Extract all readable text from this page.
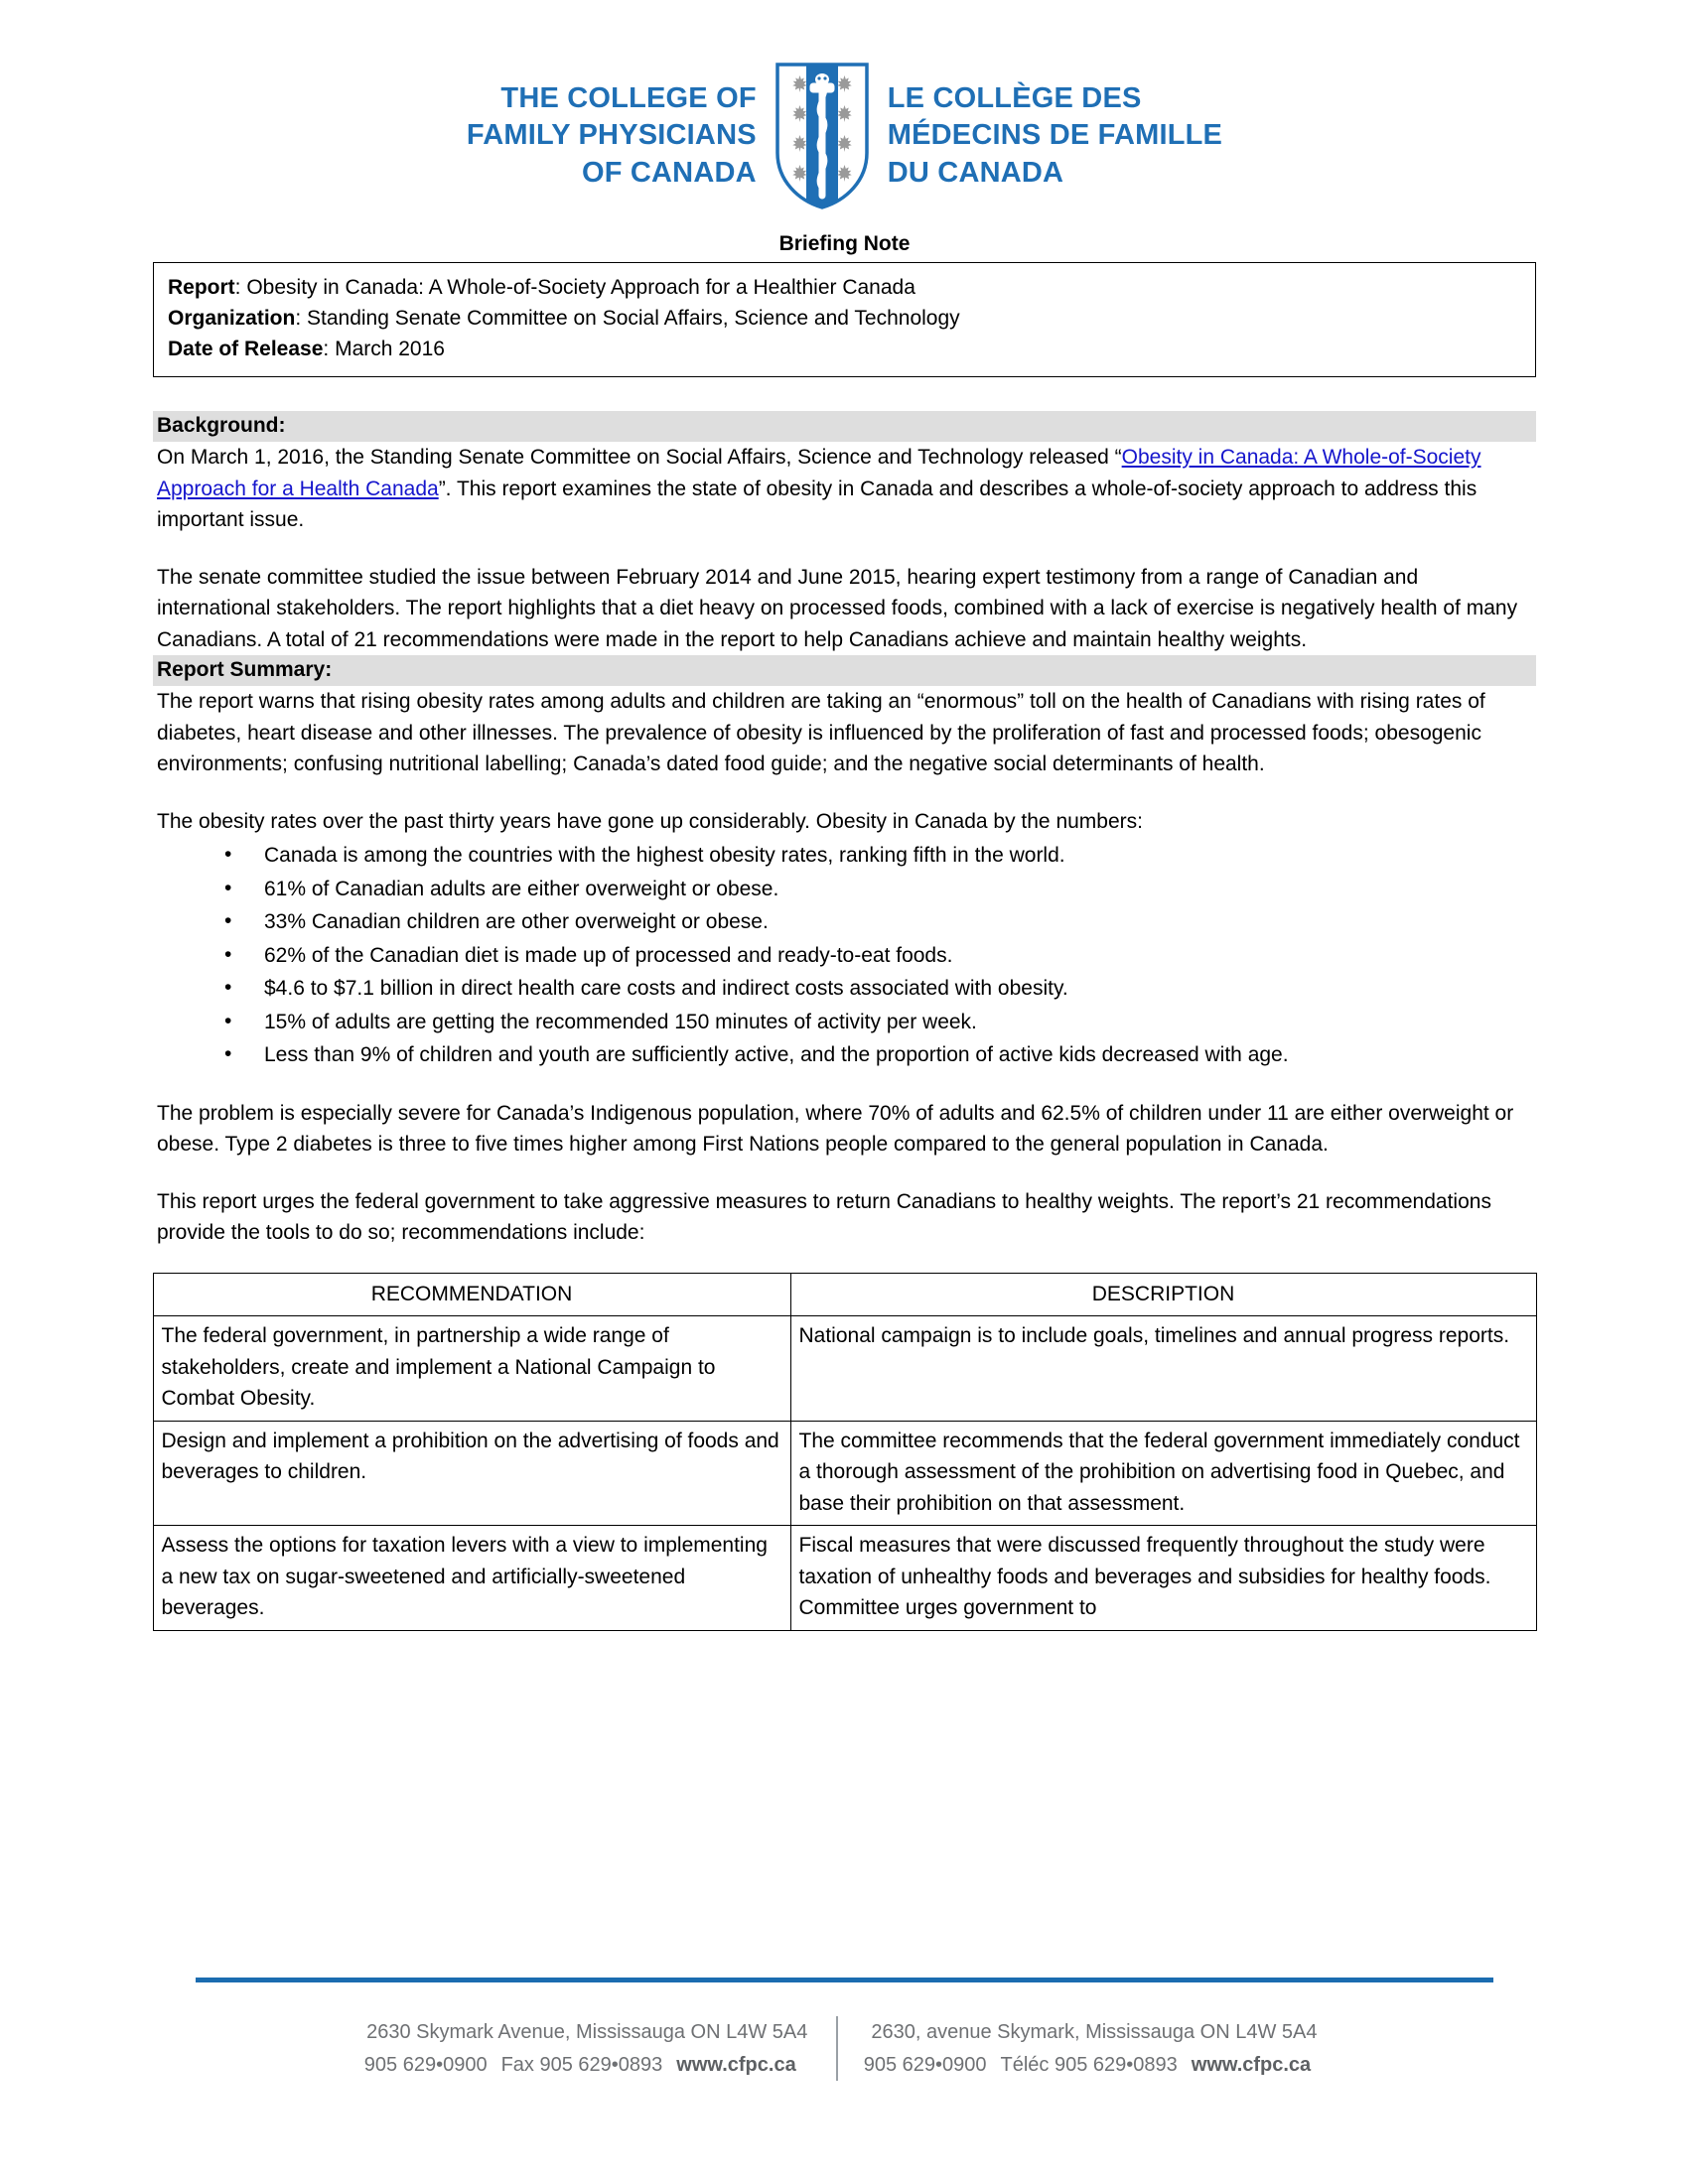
THE COLLEGE OF
FAMILY PHYSICIANS
OF CANADA
LE COLLÈGE DES
MÉDECINS DE FAMILLE
DU CANADA
Briefing Note
Report: Obesity in Canada: A Whole-of-Society Approach for a Healthier Canada
Organization: Standing Senate Committee on Social Affairs, Science and Technology
Date of Release: March 2016
Background:
On March 1, 2016, the Standing Senate Committee on Social Affairs, Science and Technology released “Obesity in Canada: A Whole-of-Society Approach for a Health Canada”. This report examines the state of obesity in Canada and describes a whole-of-society approach to address this important issue.
The senate committee studied the issue between February 2014 and June 2015, hearing expert testimony from a range of Canadian and international stakeholders. The report highlights that a diet heavy on processed foods, combined with a lack of exercise is negatively health of many Canadians. A total of 21 recommendations were made in the report to help Canadians achieve and maintain healthy weights.
Report Summary:
The report warns that rising obesity rates among adults and children are taking an “enormous” toll on the health of Canadians with rising rates of diabetes, heart disease and other illnesses. The prevalence of obesity is influenced by the proliferation of fast and processed foods; obesogenic environments; confusing nutritional labelling; Canada’s dated food guide; and the negative social determinants of health.
The obesity rates over the past thirty years have gone up considerably. Obesity in Canada by the numbers:
• Canada is among the countries with the highest obesity rates, ranking fifth in the world.
• 61% of Canadian adults are either overweight or obese.
• 33% Canadian children are other overweight or obese.
• 62% of the Canadian diet is made up of processed and ready-to-eat foods.
• $4.6 to $7.1 billion in direct health care costs and indirect costs associated with obesity.
• 15% of adults are getting the recommended 150 minutes of activity per week.
• Less than 9% of children and youth are sufficiently active, and the proportion of active kids decreased with age.
The problem is especially severe for Canada’s Indigenous population, where 70% of adults and 62.5% of children under 11 are either overweight or obese. Type 2 diabetes is three to five times higher among First Nations people compared to the general population in Canada.
This report urges the federal government to take aggressive measures to return Canadians to healthy weights. The report’s 21 recommendations provide the tools to do so; recommendations include:
RECOMMENDATION	DESCRIPTION
The federal government, in partnership a wide range of stakeholders, create and implement a National Campaign to Combat Obesity.	National campaign is to include goals, timelines and annual progress reports.
Design and implement a prohibition on the advertising of foods and beverages to children.	The committee recommends that the federal government immediately conduct a thorough assessment of the prohibition on advertising food in Quebec, and base their prohibition on that assessment.
Assess the options for taxation levers with a view to implementing a new tax on sugar-sweetened and artificially-sweetened beverages.	Fiscal measures that were discussed frequently throughout the study were taxation of unhealthy foods and beverages and subsidies for healthy foods. Committee urges government to
2630 Skymark Avenue, Mississauga ON L4W 5A4
905 629•0900 Fax 905 629•0893 www.cfpc.ca
2630, avenue Skymark, Mississauga ON L4W 5A4
905 629•0900 Téléc 905 629•0893 www.cfpc.ca
